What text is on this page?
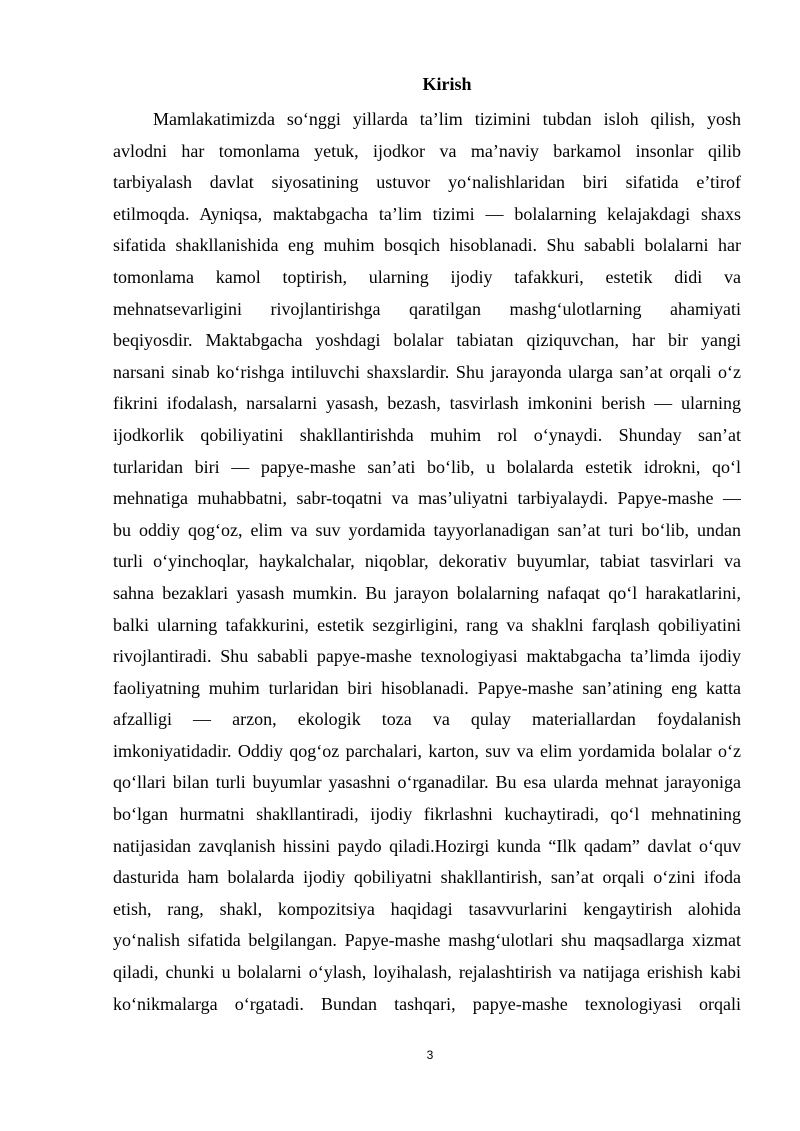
Kirish
Mamlakatimizda so‘nggi yillarda ta’lim tizimini tubdan isloh qilish, yosh
avlodni har tomonlama yetuk, ijodkor va ma’naviy barkamol insonlar qilib
tarbiyalash davlat siyosatining ustuvor yo‘nalishlaridan biri sifatida e’tirof
etilmoqda. Ayniqsa, maktabgacha ta’lim tizimi — bolalarning kelajakdagi shaxs
sifatida shakllanishida eng muhim bosqich hisoblanadi. Shu sababli bolalarni har
tomonlama kamol toptirish, ularning ijodiy tafakkuri, estetik didi va
mehnatsevarligini rivojlantirishga qaratilgan mashg‘ulotlarning ahamiyati
beqiyosdir. Maktabgacha yoshdagi bolalar tabiatan qiziquvchan, har bir yangi
narsani sinab ko‘rishga intiluvchi shaxslardir. Shu jarayonda ularga san’at orqali o‘z
fikrini ifodalash, narsalarni yasash, bezash, tasvirlash imkonini berish — ularning
ijodkorlik qobiliyatini shakllantirishda muhim rol o‘ynaydi. Shunday san’at
turlaridan biri — papye-mashe san’ati bo‘lib, u bolalarda estetik idrokni, qo‘l
mehnatiga muhabbatni, sabr-toqatni va mas’uliyatni tarbiyalaydi. Papye-mashe —
bu oddiy qog‘oz, elim va suv yordamida tayyorlanadigan san’at turi bo‘lib, undan
turli o‘yinchoqlar, haykalchalar, niqoblar, dekorativ buyumlar, tabiat tasvirlari va
sahna bezaklari yasash mumkin. Bu jarayon bolalarning nafaqat qo‘l harakatlarini,
balki ularning tafakkurini, estetik sezgirligini, rang va shaklni farqlash qobiliyatini
rivojlantiradi. Shu sababli papye-mashe texnologiyasi maktabgacha ta’limda ijodiy
faoliyatning muhim turlaridan biri hisoblanadi. Papye-mashe san’atining eng katta
afzalligi — arzon, ekologik toza va qulay materiallardan foydalanish
imkoniyatidadir. Oddiy qog‘oz parchalari, karton, suv va elim yordamida bolalar o‘z
qo‘llari bilan turli buyumlar yasashni o‘rganadilar. Bu esa ularda mehnat jarayoniga
bo‘lgan hurmatni shakllantiradi, ijodiy fikrlashni kuchaytiradi, qo‘l mehnatining
natijasidan zavqlanish hissini paydo qiladi.Hozirgi kunda “Ilk qadam” davlat o‘quv
dasturida ham bolalarda ijodiy qobiliyatni shakllantirish, san’at orqali o‘zini ifoda
etish, rang, shakl, kompozitsiya haqidagi tasavvurlarini kengaytirish alohida
yo‘nalish sifatida belgilangan. Papye-mashe mashg‘ulotlari shu maqsadlarga xizmat
qiladi, chunki u bolalarni o‘ylash, loyihalash, rejalashtirish va natijaga erishish kabi
ko‘nikmalarga o‘rgatadi. Bundan tashqari, papye-mashe texnologiyasi orqali
3
